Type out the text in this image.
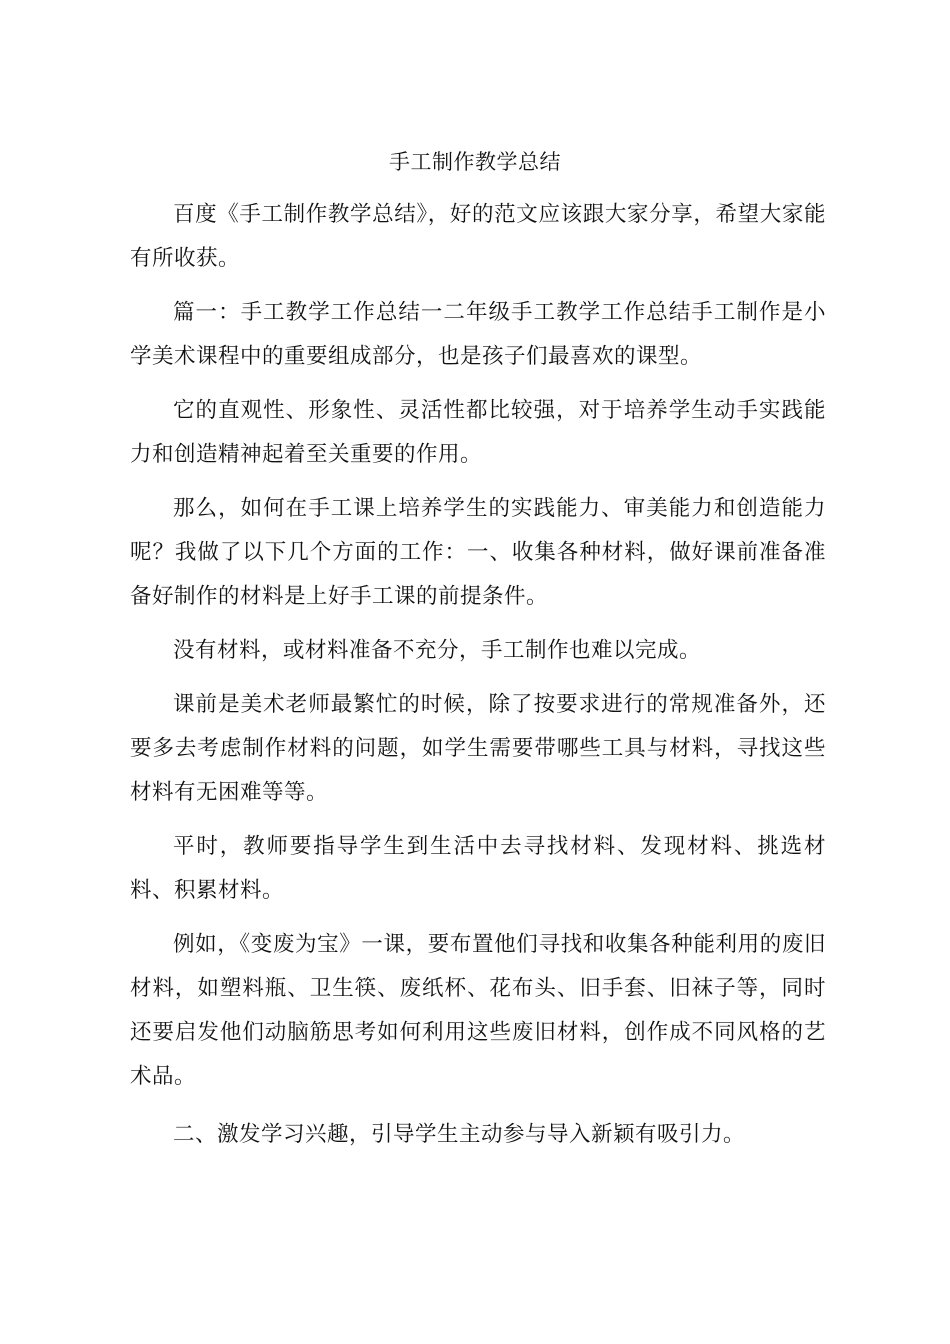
手工制作教学总结

百度《手工制作教学总结》，好的范文应该跟大家分享，希望大家能有所收获。

篇一：手工教学工作总结一二年级手工教学工作总结手工制作是小学美术课程中的重要组成部分，也是孩子们最喜欢的课型。

它的直观性、形象性、灵活性都比较强，对于培养学生动手实践能力和创造精神起着至关重要的作用。

那么，如何在手工课上培养学生的实践能力、审美能力和创造能力呢？我做了以下几个方面的工作：一、收集各种材料，做好课前准备准备好制作的材料是上好手工课的前提条件。

没有材料，或材料准备不充分，手工制作也难以完成。

课前是美术老师最繁忙的时候，除了按要求进行的常规准备外，还要多去考虑制作材料的问题，如学生需要带哪些工具与材料，寻找这些材料有无困难等等。

平时，教师要指导学生到生活中去寻找材料、发现材料、挑选材料、积累材料。

例如，《变废为宝》一课，要布置他们寻找和收集各种能利用的废旧材料，如塑料瓶、卫生筷、废纸杯、花布头、旧手套、旧袜子等，同时还要启发他们动脑筋思考如何利用这些废旧材料，创作成不同风格的艺术品。

二、激发学习兴趣，引导学生主动参与导入新颖有吸引力。
